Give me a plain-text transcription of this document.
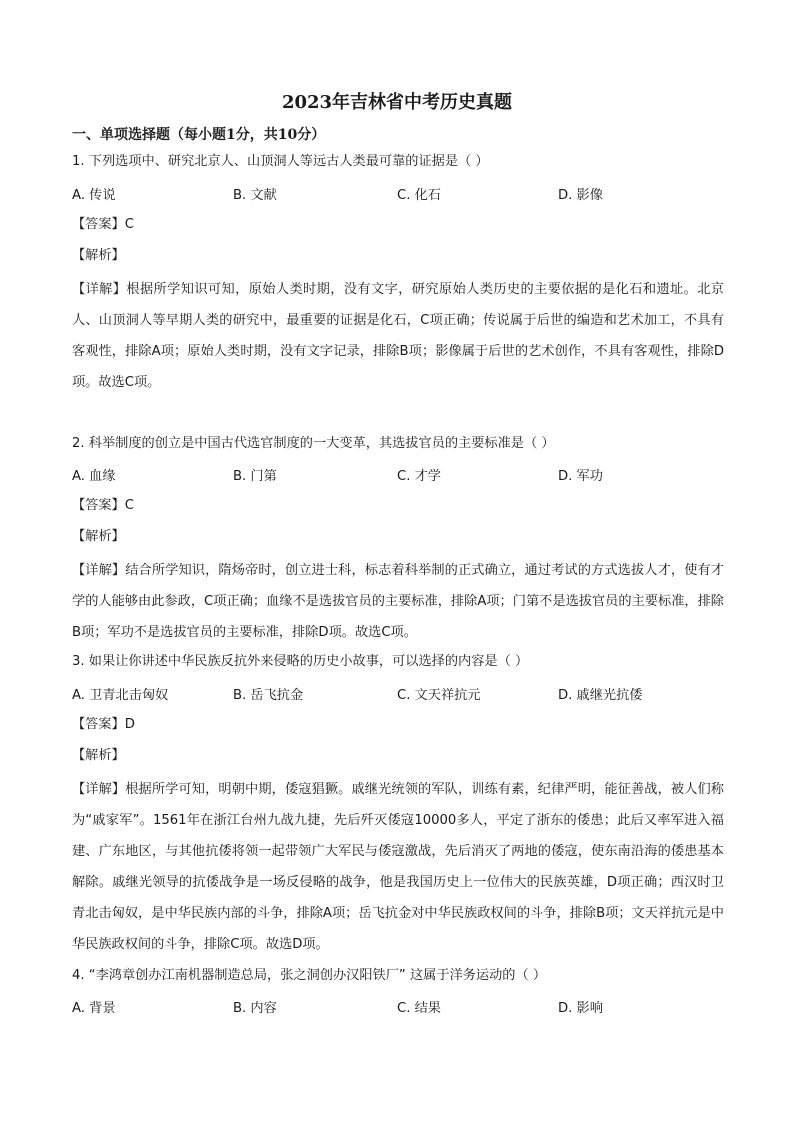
2023年吉林省中考历史真题
一、单项选择题（每小题1分，共10分）
1. 下列选项中、研究北京人、山顶洞人等远古人类最可靠的证据是（ ）
A. 传说	B. 文献	C. 化石	D. 影像
【答案】C
【解析】
【详解】根据所学知识可知，原始人类时期，没有文字，研究原始人类历史的主要依据的是化石和遗址。北京人、山顶洞人等早期人类的研究中，最重要的证据是化石，C项正确；传说属于后世的编造和艺术加工，不具有客观性，排除A项；原始人类时期，没有文字记录，排除B项；影像属于后世的艺术创作，不具有客观性，排除D项。故选C项。
2. 科举制度的创立是中国古代选官制度的一大变革，其选拔官员的主要标准是（ ）
A. 血缘	B. 门第	C. 才学	D. 军功
【答案】C
【解析】
【详解】结合所学知识，隋炀帝时，创立进士科，标志着科举制的正式确立，通过考试的方式选拔人才，使有才学的人能够由此参政，C项正确；血缘不是选拔官员的主要标准，排除A项；门第不是选拔官员的主要标准，排除B项；军功不是选拔官员的主要标准，排除D项。故选C项。
3. 如果让你讲述中华民族反抗外来侵略的历史小故事，可以选择的内容是（ ）
A. 卫青北击匈奴	B. 岳飞抗金	C. 文天祥抗元	D. 戚继光抗倭
【答案】D
【解析】
【详解】根据所学可知，明朝中期，倭寇猖獗。戚继光统领的军队，训练有素，纪律严明，能征善战，被人们称为“戚家军”。1561年在浙江台州九战九捷，先后歼灭倭寇10000多人，平定了浙东的倭患；此后又率军进入福建、广东地区，与其他抗倭将领一起带领广大军民与倭寇激战，先后消灭了两地的倭寇，使东南沿海的倭患基本解除。戚继光领导的抗倭战争是一场反侵略的战争，他是我国历史上一位伟大的民族英雄，D项正确；西汉时卫青北击匈奴，是中华民族内部的斗争，排除A项；岳飞抗金对中华民族政权间的斗争，排除B项；文天祥抗元是中华民族政权间的斗争，排除C项。故选D项。
4. “李鸿章创办江南机器制造总局，张之洞创办汉阳铁厂” 这属于洋务运动的（ ）
A. 背景	B. 内容	C. 结果	D. 影响
